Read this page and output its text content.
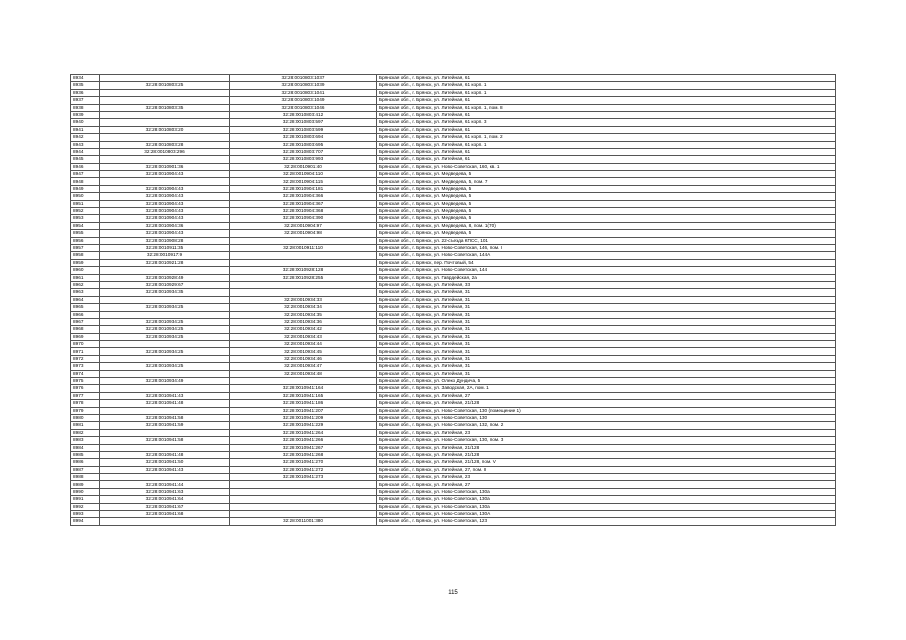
8934		32:28:0010803:1037	Брянская обл., г. Брянск, ул. Литейная, 61
8935	32:28:0010803:25	32:28:0010803:1039	Брянская обл., г. Брянск, ул. Литейная, 61 корп. 1
8936		32:28:0010803:1041	Брянская обл., г. Брянск, ул. Литейная, 61 корп. 1
8937		32:28:0010803:1049	Брянская обл., г. Брянск, ул. Литейная, 61
8938	32:28:0010803:35	32:28:0010803:1046	Брянская обл., г. Брянск, ул. Литейная, 61 корп. 1, пом. 8
8939		32:28:0010803:412	Брянская обл., г. Брянск, ул. Литейная, 61
8940		32:28:0010803:597	Брянская обл., г. Брянск, ул. Литейная, 61 корп. 3
8941	32:28:0010803:20	32:28:0010803:599	Брянская обл., г. Брянск, ул. Литейная, 61
8942		32:28:0010803:694	Брянская обл., г. Брянск, ул. Литейная, 61 корп. 1, пом. 2
8943	32:28:0010803:28	32:28:0010803:695	Брянская обл., г. Брянск, ул. Литейная, 61 корп. 1
8944	32:28:0010803:296	32:28:0010803:707	Брянская обл., г. Брянск, ул. Литейная, 61
8945		32:28:0010803:993	Брянская обл., г. Брянск, ул. Литейная, 61
8946	32:28:0010901:36	32:28:0010901:40	Брянская обл., г. Брянск, ул. Ново-Советская, 160, кв. 1
8947	32:28:0010904:43	32:28:0010904:110	Брянская обл., г. Брянск, ул. Медведева, 5
8948		32:28:0010904:115	Брянская обл., г. Брянск, ул. Медведева, 5, пом. 7
8949	32:28:0010904:43	32:28:0010904:181	Брянская обл., г. Брянск, ул. Медведева, 5
8950	32:28:0010904:43	32:28:0010904:366	Брянская обл., г. Брянск, ул. Медведева, 5
8951	32:28:0010904:43	32:28:0010904:367	Брянская обл., г. Брянск, ул. Медведева, 5
8952	32:28:0010904:43	32:28:0010904:368	Брянская обл., г. Брянск, ул. Медведева, 5
8953	32:28:0010904:43	32:28:0010904:390	Брянская обл., г. Брянск, ул. Медведева, 5
8954	32:28:0010904:36	32:28:0010904:97	Брянская обл., г. Брянск, ул. Медведева, 8, пом. 1(70)
8955	32:28:0010904:43	32:28:0010904:98	Брянская обл., г. Брянск, ул. Медведева, 5
8956	32:28:0010908:28		Брянская обл., г. Брянск, ул. 22-съезда КПСС, 101
8957	32:28:0010911:35	32:28:0010911:110	Брянская обл., г. Брянск, ул. Ново-Советская, 146, пом. I
8958	32:28:0010917:9		Брянская обл., г. Брянск, ул. Ново-Советская, 144А
8959	32:28:0010921:28		Брянская обл., г. Брянск, пер. Почтовый, 54
8960		32:28:0010928:128	Брянская обл., г. Брянск, ул. Ново-Советская, 144
8961	32:28:0010928:49	32:28:0010928:255	Брянская обл., г. Брянск, ул. Гаврдейская, 2а
8962	32:28:0010929:67		Брянская обл., г. Брянск, ул. Литейная, 33
8963	32:28:0010934:35		Брянская обл., г. Брянск, ул. Литейная, 31
8964		32:28:0010934:33	Брянская обл., г. Брянск, ул. Литейная, 31
8965	32:28:0010934:25	32:28:0010934:34	Брянская обл., г. Брянск, ул. Литейная, 31
8966		32:28:0010934:35	Брянская обл., г. Брянск, ул. Литейная, 31
8967	32:28:0010934:25	32:28:0010934:36	Брянская обл., г. Брянск, ул. Литейная, 31
8968	32:28:0010934:25	32:28:0010934:42	Брянская обл., г. Брянск, ул. Литейная, 31
8969	32:28:0010934:25	32:28:0010934:43	Брянская обл., г. Брянск, ул. Литейная, 31
8970		32:28:0010934:44	Брянская обл., г. Брянск, ул. Литейная, 31
8971	32:28:0010934:25	32:28:0010934:45	Брянская обл., г. Брянск, ул. Литейная, 31
8972		32:28:0010934:46	Брянская обл., г. Брянск, ул. Литейная, 31
8973	32:28:0010934:25	32:28:0010934:47	Брянская обл., г. Брянск, ул. Литейная, 31
8974		32:28:0010934:48	Брянская обл., г. Брянск, ул. Литейная, 31
8975	32:28:0010934:49		Брянская обл., г. Брянск, ул. Олеко Дундича, 5
8976		32:28:0010941:164	Брянская обл., г. Брянск, ул. Заводская, 2А, пом. 1
8977	32:28:0010941:43	32:28:0010941:165	Брянская обл., г. Брянск, ул. Литейная, 27
8978	32:28:0010941:48	32:28:0010941:186	Брянская обл., г. Брянск, ул. Литейная, 21/128
8979		32:28:0010941:207	Брянская обл., г. Брянск, ул. Ново-Советская, 130 (помещение 1)
8980	32:28:0010941:58	32:28:0010941:209	Брянская обл., г. Брянск, ул. Ново-Советская, 130
8981	32:28:0010941:59	32:28:0010941:229	Брянская обл., г. Брянск, ул. Ново-Советская, 132, пом. 2
8982		32:28:0010941:264	Брянская обл., г. Брянск, ул. Литейная, 23
8983	32:28:0010941:58	32:28:0010941:266	Брянская обл., г. Брянск, ул. Ново-Советская, 130, пом. 3
8984		32:28:0010941:267	Брянская обл., г. Брянск, ул. Литейная, 21/128
8985	32:28:0010941:48	32:28:0010941:268	Брянская обл., г. Брянск, ул. Литейная, 21/128
8986	32:28:0010941:50	32:28:0010941:270	Брянская обл., г. Брянск, ул. Литейная, 21/128, пом. V
8987	32:28:0010941:43	32:28:0010941:272	Брянская обл., г. Брянск, ул. Литейная, 27, пом. II
8988		32:28:0010941:273	Брянская обл., г. Брянск, ул. Литейная, 23
8989	32:28:0010941:44		Брянская обл., г. Брянск, ул. Литейная, 27
8990	32:28:0010941:63		Брянская обл., г. Брянск, ул. Ново-Советская, 130а
8991	32:28:0010941:64		Брянская обл., г. Брянск, ул. Ново-Советская, 130а
8992	32:28:0010941:67		Брянская обл., г. Брянск, ул. Ново-Советская, 130а
8993	32:28:0010941:68		Брянская обл., г. Брянск, ул. Ново-Советская, 130А
8994		32:28:0011001:380	Брянская обл., г. Брянск, ул. Ново-Советская, 123
115
